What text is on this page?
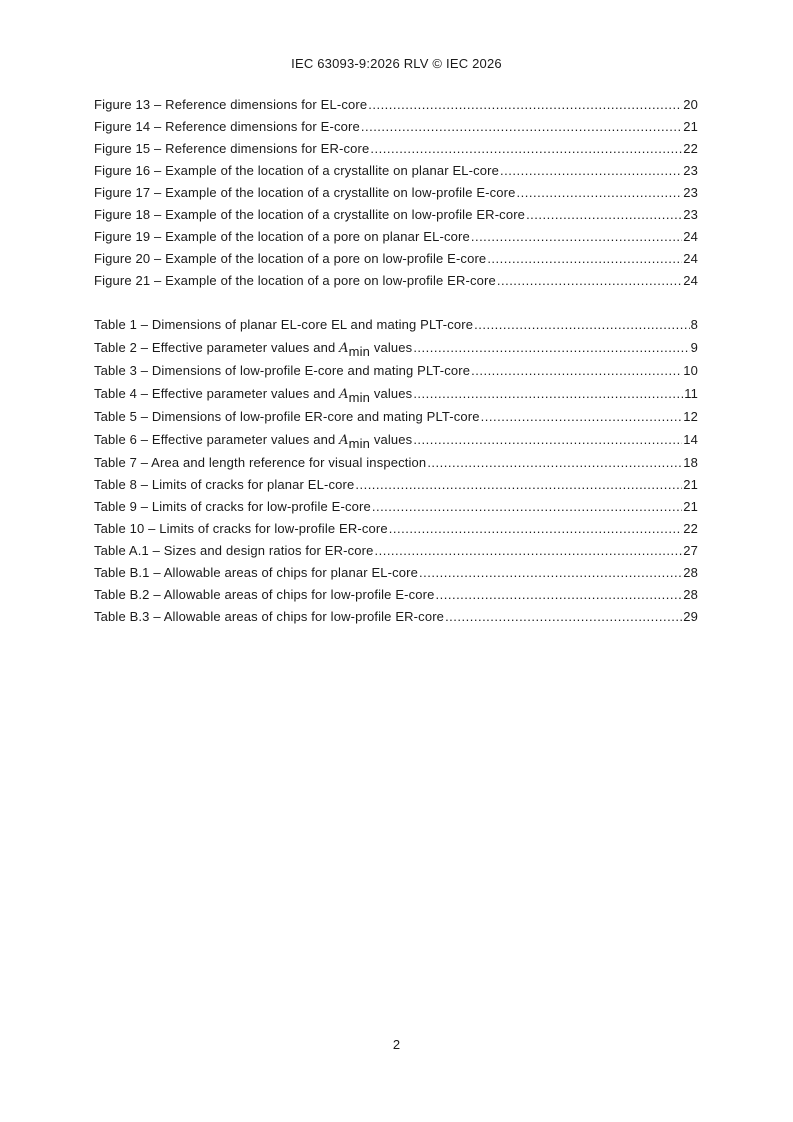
IEC 63093-9:2026 RLV © IEC 2026
Figure 13 – Reference dimensions for EL-core .....	20
Figure 14 – Reference dimensions for E-core .....	21
Figure 15 – Reference dimensions for ER-core .....	22
Figure 16 – Example of the location of a crystallite on planar EL-core .....	23
Figure 17 – Example of the location of a crystallite on low-profile E-core .....	23
Figure 18 – Example of the location of a crystallite on low-profile ER-core .....	23
Figure 19 – Example of the location of a pore on planar EL-core .....	24
Figure 20 – Example of the location of a pore on low-profile E-core .....	24
Figure 21 – Example of the location of a pore on low-profile ER-core .....	24
Table 1 – Dimensions of planar EL-core EL and mating PLT-core .....	8
Table 2 – Effective parameter values and Amin values .....	9
Table 3 – Dimensions of low-profile E-core and mating PLT-core .....	10
Table 4 – Effective parameter values and Amin values .....	11
Table 5 – Dimensions of low-profile ER-core and mating PLT-core .....	12
Table 6 – Effective parameter values and Amin values .....	14
Table 7 – Area and length reference for visual inspection .....	18
Table 8 – Limits of cracks for planar EL-core .....	21
Table 9 – Limits of cracks for low-profile E-core .....	21
Table 10 – Limits of cracks for low-profile ER-core .....	22
Table A.1 – Sizes and design ratios for ER-core .....	27
Table B.1 – Allowable areas of chips for planar EL-core .....	28
Table B.2 – Allowable areas of chips for low-profile E-core .....	28
Table B.3 – Allowable areas of chips for low-profile ER-core .....	29
2
